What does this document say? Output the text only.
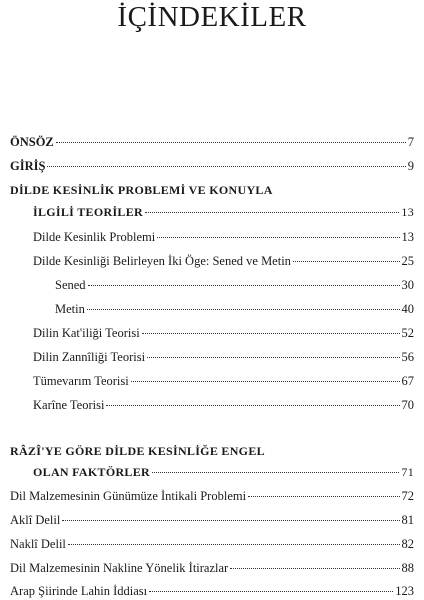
İÇİNDEKİLER
ÖNSÖZ	7
GİRİŞ	9
DİLDE KESİNLİK PROBLEMİ VE KONUYLA
İLGİLİ TEORİLER	13
Dilde Kesinlik Problemi	13
Dilde Kesinliği Belirleyen İki Öge: Sened ve Metin	25
Sened	30
Metin	40
Dilin Kat'iliği Teorisi	52
Dilin Zannîliği Teorisi	56
Tümevarım Teorisi	67
Karîne Teorisi	70
RÂZÎ'YE GÖRE DİLDE KESİNLİĞE ENGEL
OLAN FAKTÖRLER	71
Dil Malzemesinin Günümüze İntikali Problemi	72
Aklî Delil	81
Naklî Delil	82
Dil Malzemesinin Nakline Yönelik İtirazlar	88
Arap Şiirinde Lahin İddiası	123
